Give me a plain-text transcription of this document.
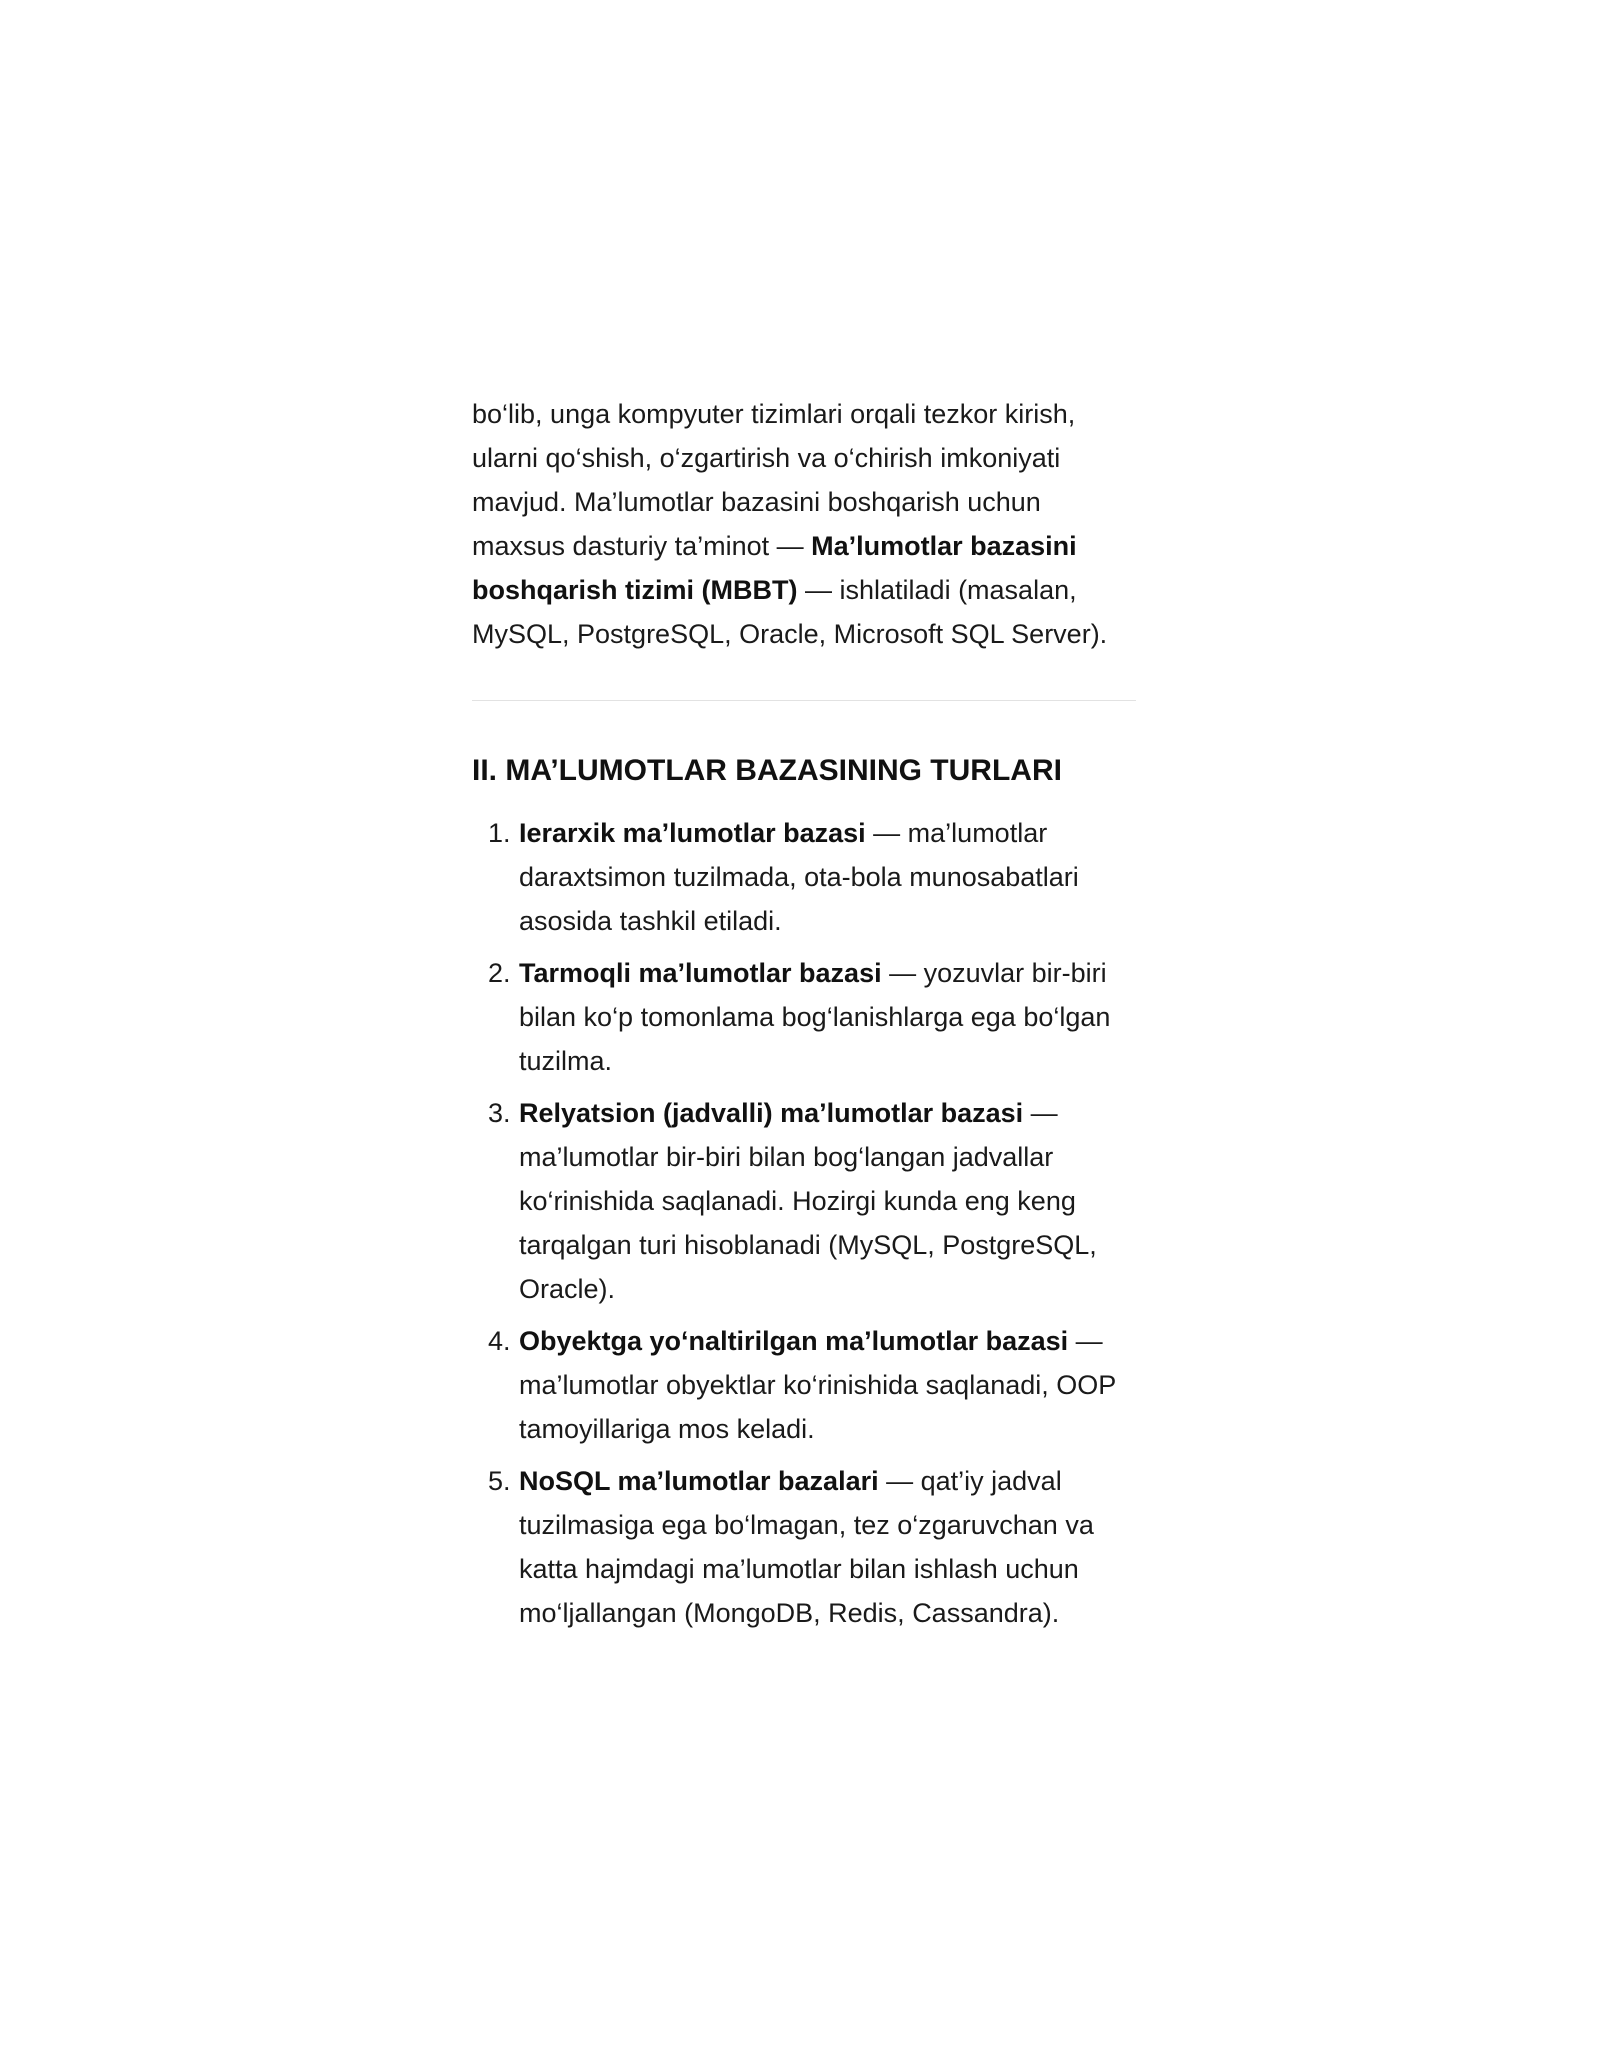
bo‘lib, unga kompyuter tizimlari orqali tezkor kirish, ularni qo‘shish, o‘zgartirish va o‘chirish imkoniyati mavjud. Ma’lumotlar bazasini boshqarish uchun maxsus dasturiy ta’minot — Ma’lumotlar bazasini boshqarish tizimi (MBBT) — ishlatiladi (masalan, MySQL, PostgreSQL, Oracle, Microsoft SQL Server).

II. MA’LUMOTLAR BAZASINING TURLARI
1. Ierarxik ma’lumotlar bazasi — ma’lumotlar daraxtsimon tuzilmada, ota-bola munosabatlari asosida tashkil etiladi.
2. Tarmoqli ma’lumotlar bazasi — yozuvlar bir-biri bilan ko‘p tomonlama bog‘lanishlarga ega bo‘lgan tuzilma.
3. Relyatsion (jadvalli) ma’lumotlar bazasi — ma’lumotlar bir-biri bilan bog‘langan jadvallar ko‘rinishida saqlanadi. Hozirgi kunda eng keng tarqalgan turi hisoblanadi (MySQL, PostgreSQL, Oracle).
4. Obyektga yo‘naltirilgan ma’lumotlar bazasi — ma’lumotlar obyektlar ko‘rinishida saqlanadi, OOP tamoyillariga mos keladi.
5. NoSQL ma’lumotlar bazalari — qat’iy jadval tuzilmasiga ega bo‘lmagan, tez o‘zgaruvchan va katta hajmdagi ma’lumotlar bilan ishlash uchun mo‘ljallangan (MongoDB, Redis, Cassandra).
